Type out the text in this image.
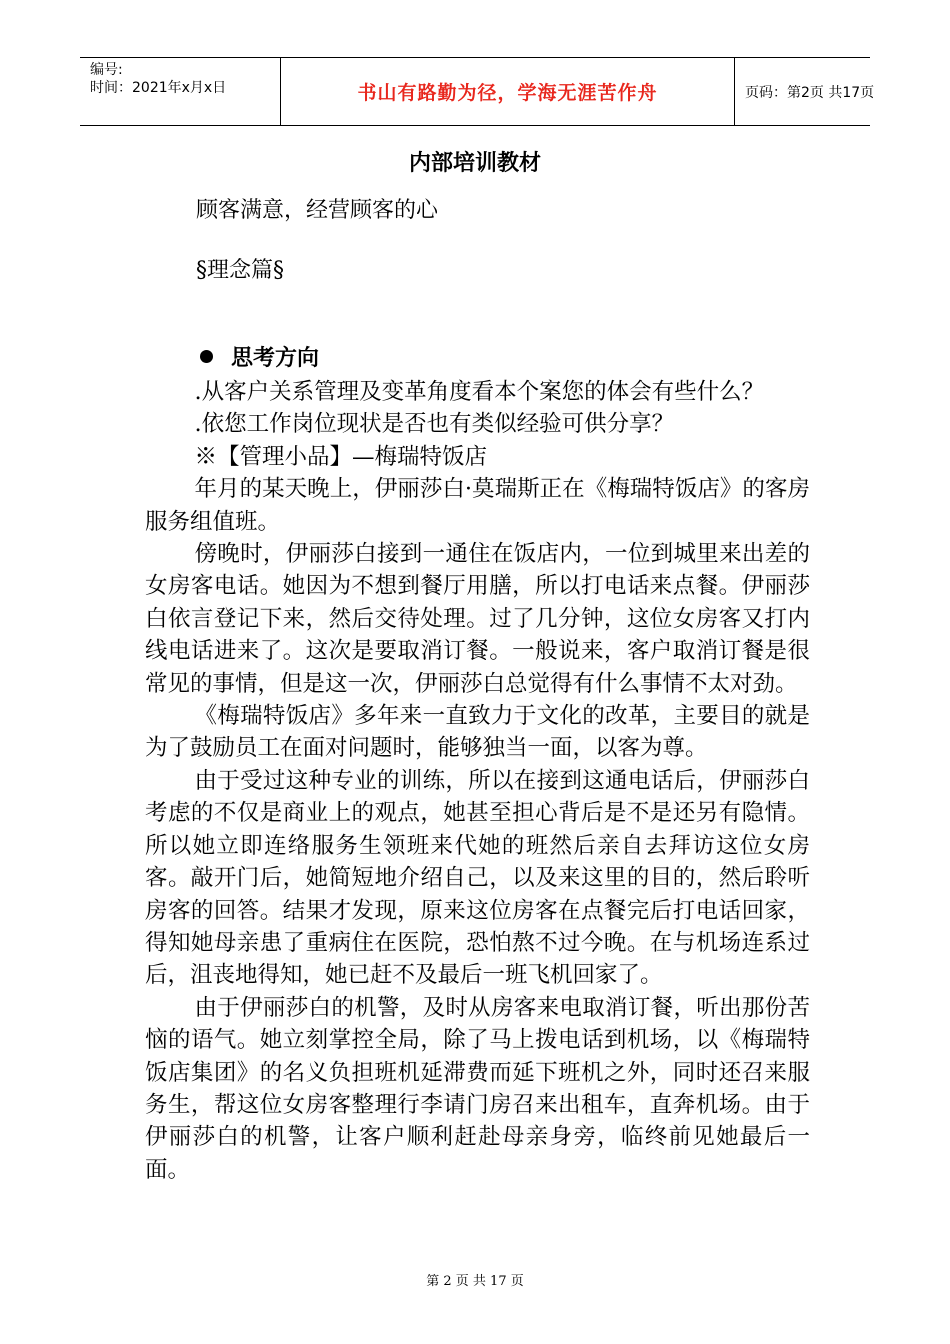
编号:
时间：2021年x月x日	书山有路勤为径，学海无涯苦作舟	页码：第2页 共17页
内部培训教材
顾客满意，经营顾客的心
§理念篇§
思考方向

.从客户关系管理及变革角度看本个案您的体会有些什么？

.依您工作岗位现状是否也有类似经验可供分享？

※【管理小品】—梅瑞特饭店

年月的某天晚上，伊丽莎白·莫瑞斯正在《梅瑞特饭店》的客房服务组值班。

傍晚时，伊丽莎白接到一通住在饭店内，一位到城里来出差的女房客电话。她因为不想到餐厅用膳，所以打电话来点餐。伊丽莎白依言登记下来，然后交待处理。过了几分钟，这位女房客又打内线电话进来了。这次是要取消订餐。一般说来，客户取消订餐是很常见的事情，但是这一次，伊丽莎白总觉得有什么事情不太对劲。

《梅瑞特饭店》多年来一直致力于文化的改革，主要目的就是为了鼓励员工在面对问题时，能够独当一面，以客为尊。

由于受过这种专业的训练，所以在接到这通电话后，伊丽莎白考虑的不仅是商业上的观点，她甚至担心背后是不是还另有隐情。所以她立即连络服务生领班来代她的班然后亲自去拜访这位女房客。敲开门后，她简短地介绍自己，以及来这里的目的，然后聆听房客的回答。结果才发现，原来这位房客在点餐完后打电话回家，得知她母亲患了重病住在医院，恐怕熬不过今晚。在与机场连系过后，沮丧地得知，她已赶不及最后一班飞机回家了。

由于伊丽莎白的机警，及时从房客来电取消订餐，听出那份苦恼的语气。她立刻掌控全局，除了马上拨电话到机场，以《梅瑞特饭店集团》的名义负担班机延滞费而延下班机之外，同时还召来服务生，帮这位女房客整理行李请门房召来出租车，直奔机场。由于伊丽莎白的机警，让客户顺利赶赴母亲身旁，临终前见她最后一面。

第 2 页 共 17 页
